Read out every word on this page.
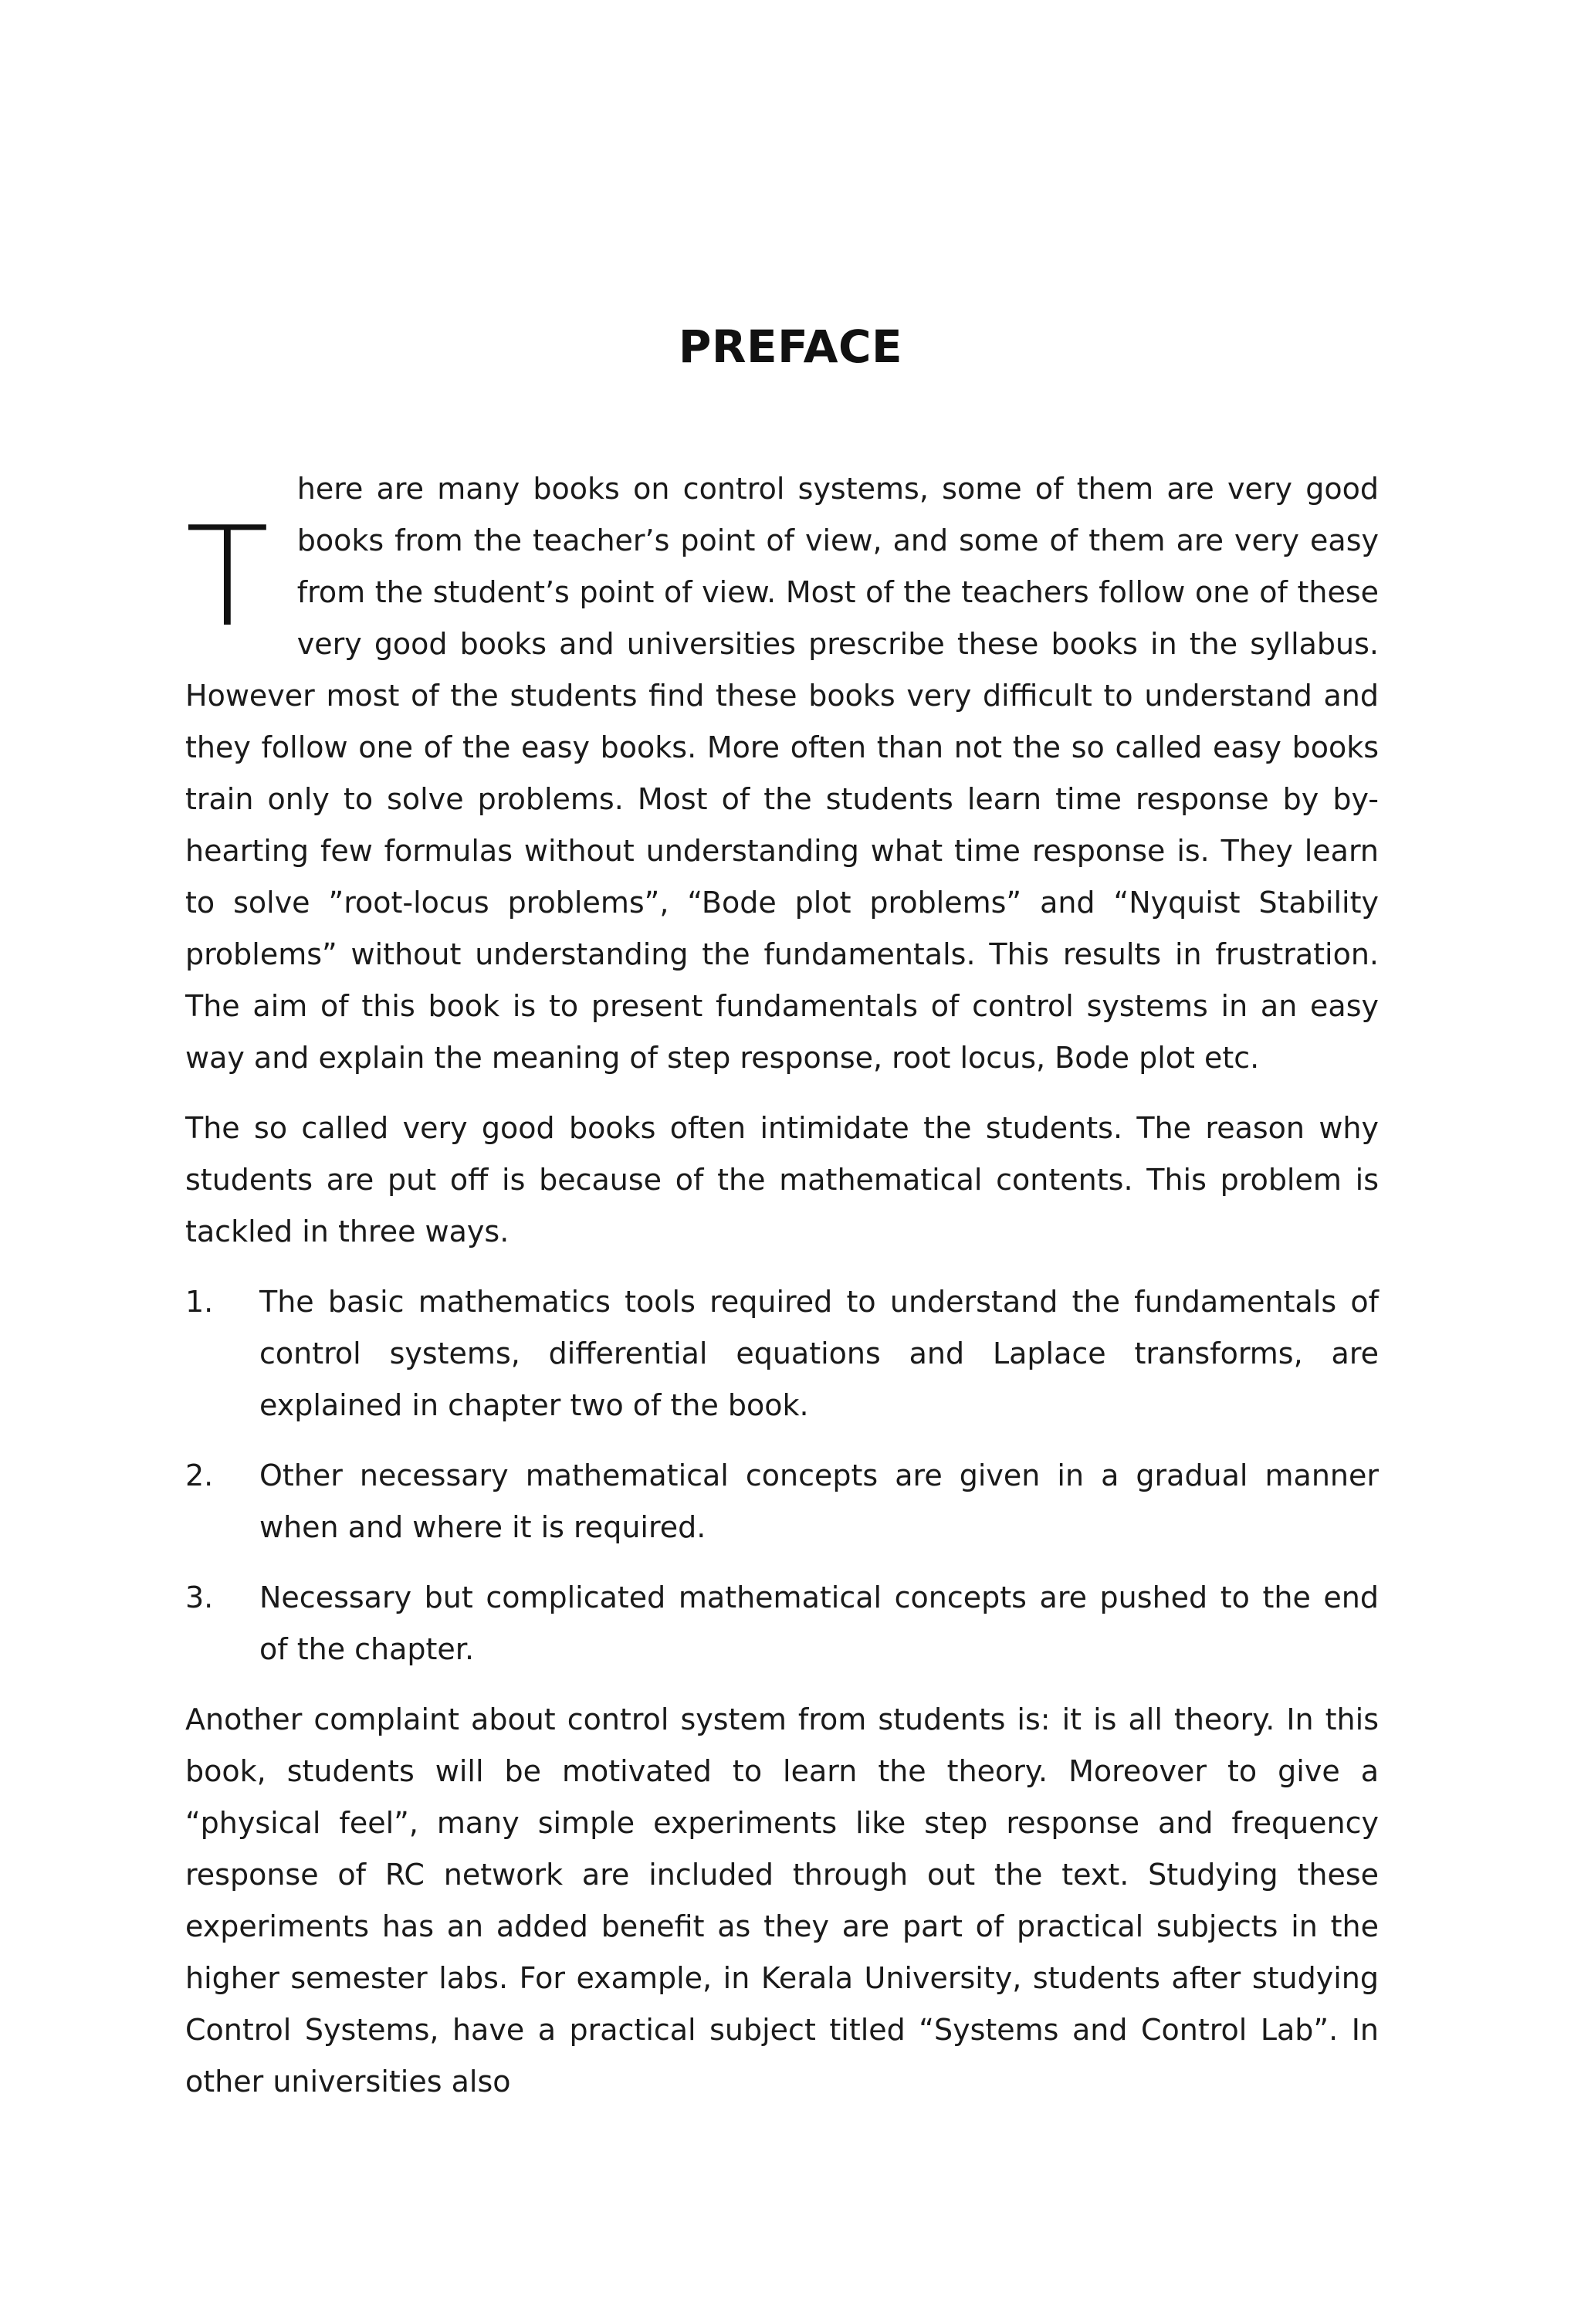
PREFACE

T
here are many books on control systems, some of them are very good books from the teacher’s point of view, and some of them are very easy from the student’s point of view. Most of the teachers follow one of these very good books and universities prescribe these books in the syllabus. However most of the students find these books very difficult to understand and they follow one of the easy books. More often than not the so called easy books train only to solve problems. Most of the students learn time response by by-hearting few formulas without understanding what time response is. They learn to solve ”root-locus problems”, “Bode plot problems” and “Nyquist Stability problems” without understanding the fundamentals. This results in frustration. The aim of this book is to present fundamentals of control systems in an easy way and explain the meaning of step response, root locus, Bode plot etc.

The so called very good books often intimidate the students. The reason why students are put off is because of the mathematical contents. This problem is tackled in three ways.

1. The basic mathematics tools required to understand the fundamentals of control systems, differential equations and Laplace transforms, are explained in chapter two of the book.
2. Other necessary mathematical concepts are given in a gradual manner when and where it is required.
3. Necessary but complicated mathematical concepts are pushed to the end of the chapter.

Another complaint about control system from students is: it is all theory. In this book, students will be motivated to learn the theory. Moreover to give a “physical feel”, many simple experiments like step response and frequency response of RC network are included through out the text. Studying these experiments has an added benefit as they are part of practical subjects in the higher semester labs. For example, in Kerala University, students after studying Control Systems, have a practical subject titled “Systems and Control Lab”. In other universities also
